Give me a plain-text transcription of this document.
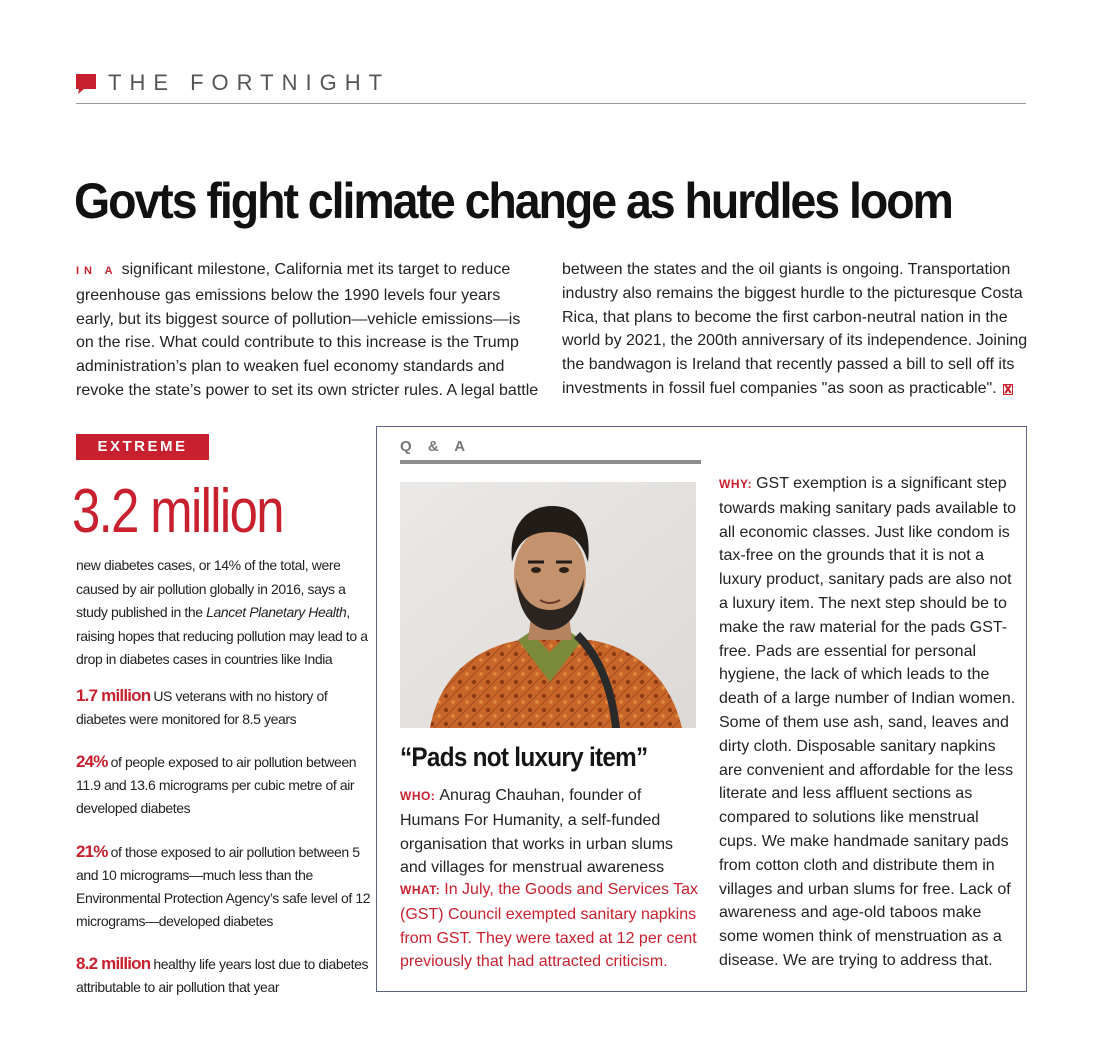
THE FORTNIGHT
Govts fight climate change as hurdles loom
IN A significant milestone, California met its target to reduce greenhouse gas emissions below the 1990 levels four years early, but its biggest source of pollution—vehicle emissions—is on the rise. What could contribute to this increase is the Trump administration’s plan to weaken fuel economy standards and revoke the state’s power to set its own stricter rules. A legal battle
between the states and the oil giants is ongoing. Transportation industry also remains the biggest hurdle to the picturesque Costa Rica, that plans to become the first carbon-neutral nation in the world by 2021, the 200th anniversary of its independence. Joining the bandwagon is Ireland that recently passed a bill to sell off its investments in fossil fuel companies "as soon as practicable".
EXTREME
3.2 million
new diabetes cases, or 14% of the total, were caused by air pollution globally in 2016, says a study published in the Lancet Planetary Health, raising hopes that reducing pollution may lead to a drop in diabetes cases in countries like India
1.7 million US veterans with no history of diabetes were monitored for 8.5 years
24% of people exposed to air pollution between 11.9 and 13.6 micrograms per cubic metre of air developed diabetes
21% of those exposed to air pollution between 5 and 10 micrograms—much less than the Environmental Protection Agency’s safe level of 12 micrograms—developed diabetes
8.2 million healthy life years lost due to diabetes attributable to air pollution that year
Q & A
“Pads not luxury item”
WHO: Anurag Chauhan, founder of Humans For Humanity, a self-funded organisation that works in urban slums and villages for menstrual awareness
WHAT: In July, the Goods and Services Tax (GST) Council exempted sanitary napkins from GST. They were taxed at 12 per cent previously that had attracted criticism.
WHY: GST exemption is a significant step towards making sanitary pads available to all economic classes. Just like condom is tax-free on the grounds that it is not a luxury product, sanitary pads are also not a luxury item. The next step should be to make the raw material for the pads GST-free. Pads are essential for personal hygiene, the lack of which leads to the death of a large number of Indian women. Some of them use ash, sand, leaves and dirty cloth. Disposable sanitary napkins are convenient and affordable for the less literate and less affluent sections as compared to solutions like menstrual cups. We make handmade sanitary pads from cotton cloth and distribute them in villages and urban slums for free. Lack of awareness and age-old taboos make some women think of menstruation as a disease. We are trying to address that.
